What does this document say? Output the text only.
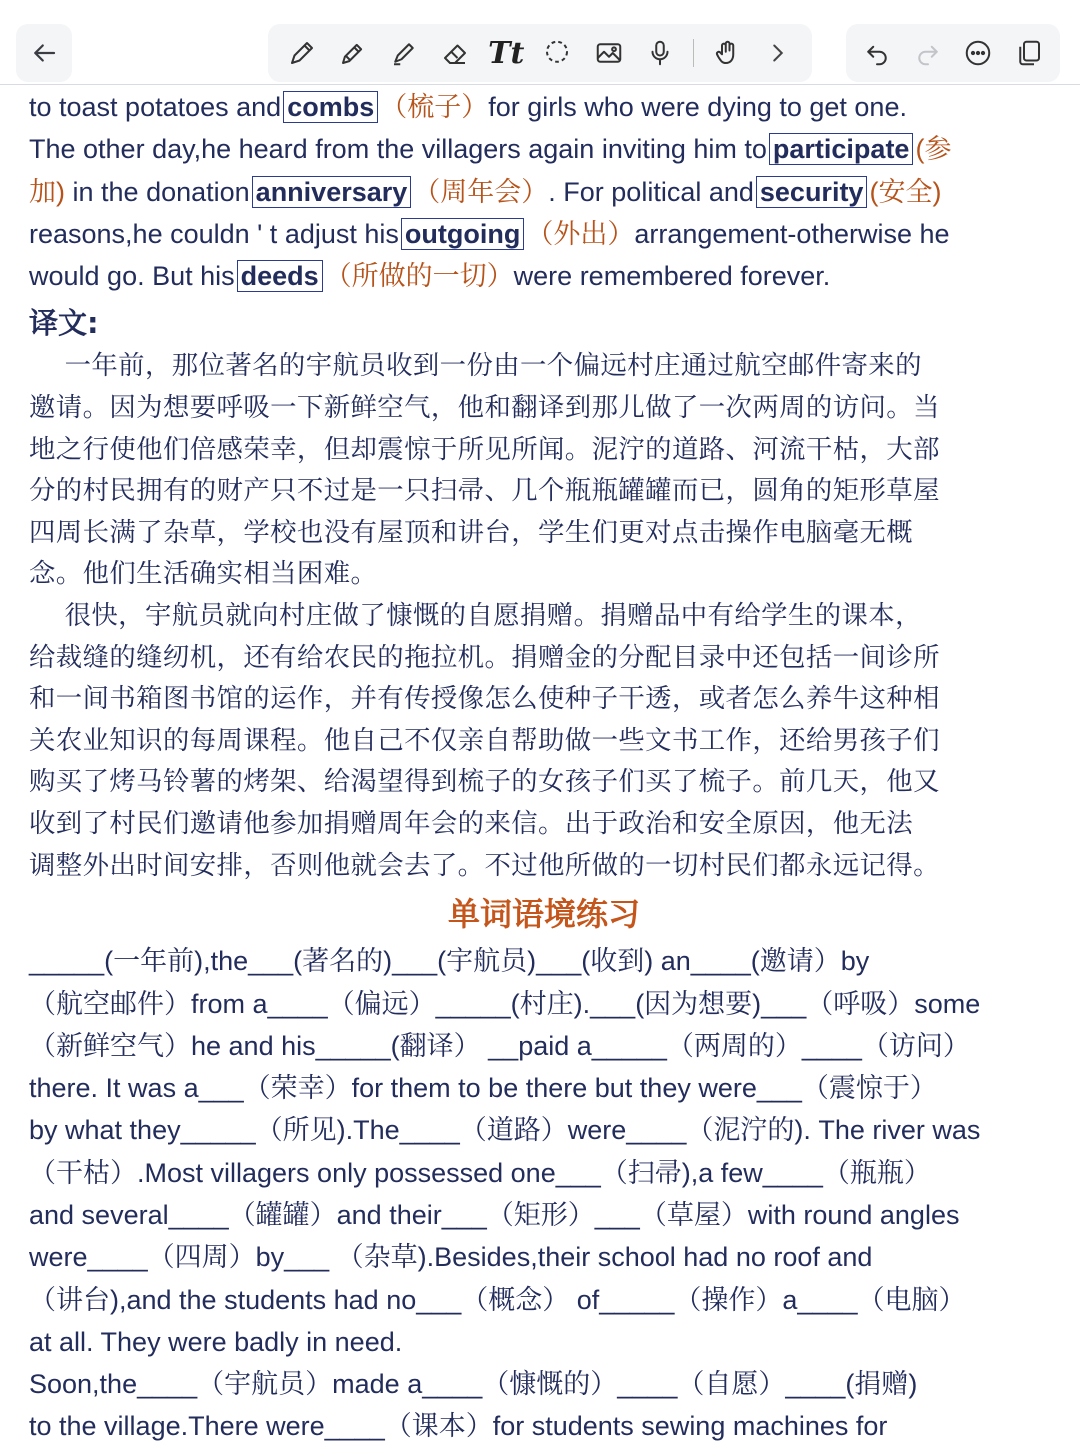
Tt
to toast potatoes and combs （梳子）for girls who were dying to get one.
The other day,he heard from the villagers again inviting him to participate (参
加) in the donation anniversary （周年会）. For political and security (安全)
reasons,he couldn ' t adjust his outgoing （外出）arrangement-otherwise he
would go. But his deeds （所做的一切）were remembered forever.
译文:

　 一年前，那位著名的宇航员收到一份由一个偏远村庄通过航空邮件寄来的

邀请。因为想要呼吸一下新鲜空气，他和翻译到那儿做了一次两周的访问。当

地之行使他们倍感荣幸，但却震惊于所见所闻。泥泞的道路、河流干枯，大部

分的村民拥有的财产只不过是一只扫帚、几个瓶瓶罐罐而已，圆角的矩形草屋

四周长满了杂草，学校也没有屋顶和讲台，学生们更对点击操作电脑毫无概

念。他们生活确实相当困难。

　 很快，宇航员就向村庄做了慷慨的自愿捐赠。捐赠品中有给学生的课本，

给裁缝的缝纫机，还有给农民的拖拉机。捐赠金的分配目录中还包括一间诊所

和一间书箱图书馆的运作，并有传授像怎么使种子干透，或者怎么养牛这种相

关农业知识的每周课程。他自己不仅亲自帮助做一些文书工作，还给男孩子们

购买了烤马铃薯的烤架、给渴望得到梳子的女孩子们买了梳子。前几天，他又

收到了村民们邀请他参加捐赠周年会的来信。出于政治和安全原因，他无法

调整外出时间安排，否则他就会去了。不过他所做的一切村民们都永远记得。

单词语境练习

_____(一年前),the___(著名的)___(宇航员)___(收到) an____(邀请）by

（航空邮件）from a____（偏远）_____(村庄).___(因为想要)___（呼吸）some

（新鲜空气）he and his_____(翻译） __paid a_____（两周的）____（访问）

there. It was a___（荣幸）for them to be there but they were___（震惊于）

by what they_____（所见).The____（道路）were____（泥泞的). The river was

（干枯）.Most villagers only possessed one___（扫帚),a few____（瓶瓶）

and several____（罐罐）and their___（矩形）___（草屋）with round angles

were____（四周）by___ （杂草).Besides,their school had no roof and

（讲台),and the students had no___（概念） of_____（操作）a____（电脑）

at all. They were badly in need.

Soon,the____（宇航员）made a____（慷慨的）____（自愿）____(捐赠)

to the village.There were____（课本）for students sewing machines for
